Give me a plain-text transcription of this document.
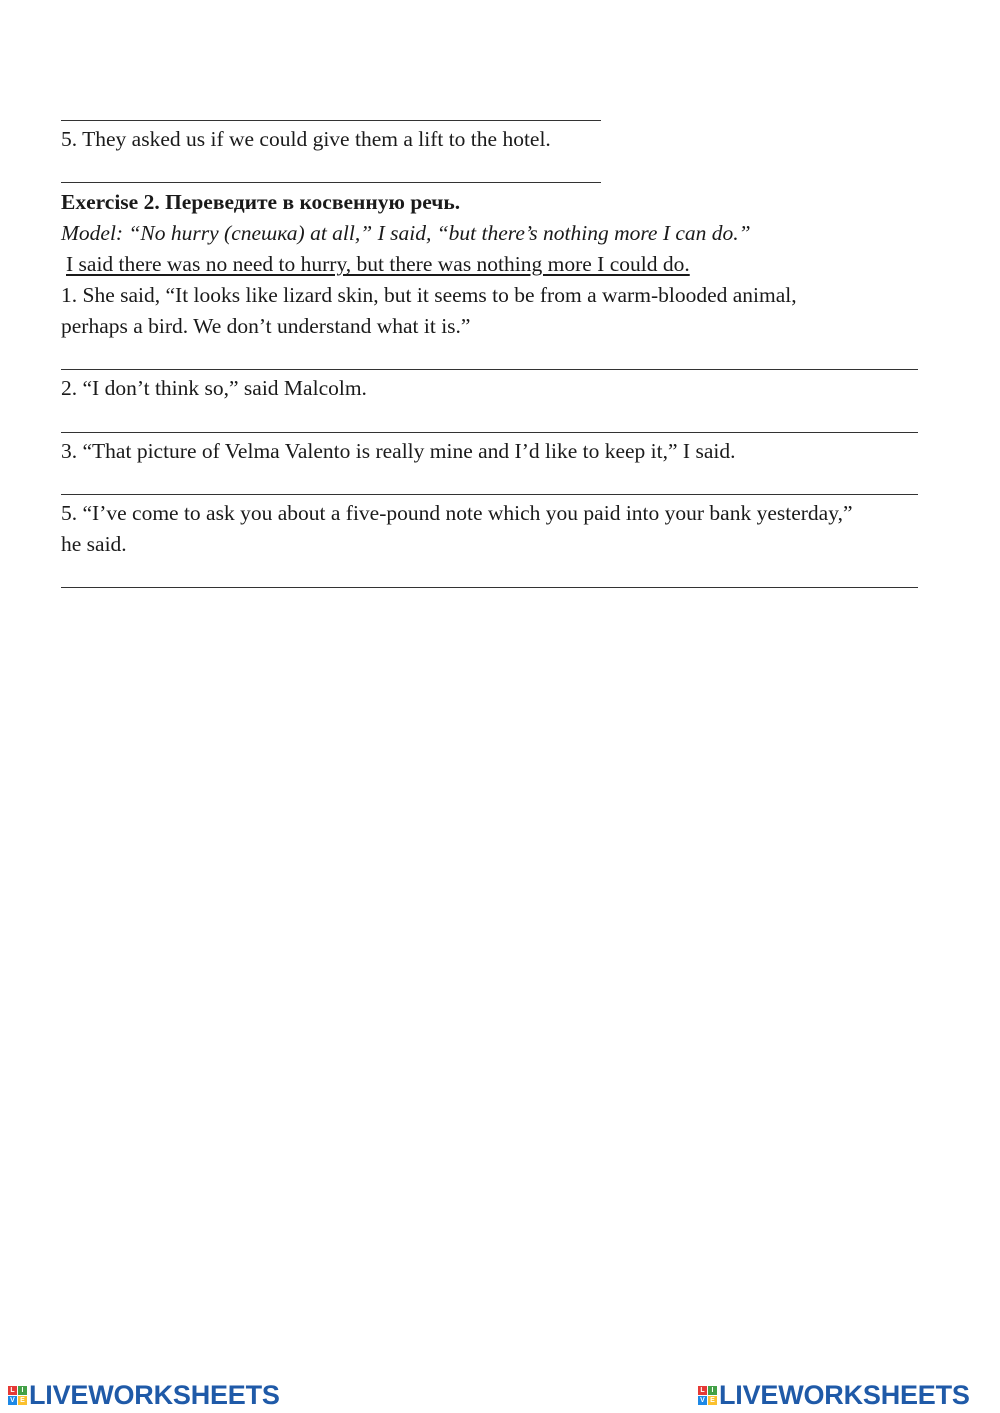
5. They asked us if we could give them a lift to the hotel.
Exercise 2. Переведите в косвенную речь.
Model: “No hurry (спешка) at all,” I said, “but there’s nothing more I can do.”
I said there was no need to hurry, but there was nothing more I could do.
1. She said, “It looks like lizard skin, but it seems to be from a warm-blooded animal,
perhaps a bird. We don’t understand what it is.”
2. “I don’t think so,” said Malcolm.
3. “That picture of Velma Valento is really mine and I’d like to keep it,” I said.
5. “I’ve come to ask you about a five-pound note which you paid into your bank yesterday,”
he said.
L I
V E LIVEWORKSHEETS	L I
V E LIVEWORKSHEETS
